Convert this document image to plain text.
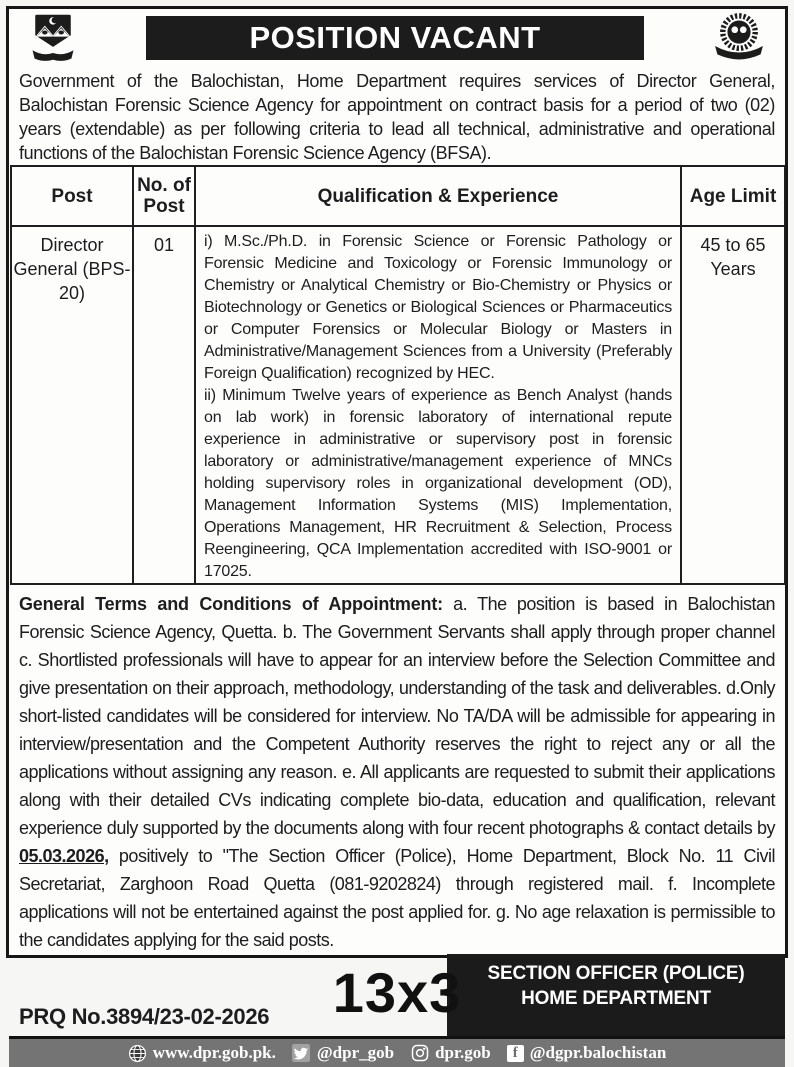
POSITION VACANT
Government of the Balochistan, Home Department requires services of Director General, Balochistan Forensic Science Agency for appointment on contract basis for a period of two (02) years (extendable) as per following criteria to lead all technical, administrative and operational functions of the Balochistan Forensic Science Agency (BFSA).
Post	No. of Post	Qualification & Experience	Age Limit
Director General (BPS-20)	01	i) M.Sc./Ph.D. in Forensic Science or Forensic Pathology or Forensic Medicine and Toxicology or Forensic Immunology or Chemistry or Analytical Chemistry or Bio-Chemistry or Physics or Biotechnology or Genetics or Biological Sciences or Pharmaceutics or Computer Forensics or Molecular Biology or Masters in Administrative/Management Sciences from a University (Preferably Foreign Qualification) recognized by HEC.
ii) Minimum Twelve years of experience as Bench Analyst (hands on lab work) in forensic laboratory of international repute experience in administrative or supervisory post in forensic laboratory or administrative/management experience of MNCs holding supervisory roles in organizational development (OD), Management Information Systems (MIS) Implementation, Operations Management, HR Recruitment & Selection, Process Reengineering, QCA Implementation accredited with ISO-9001 or 17025.	45 to 65 Years
General Terms and Conditions of Appointment: a. The position is based in Balochistan Forensic Science Agency, Quetta. b. The Government Servants shall apply through proper channel c. Shortlisted professionals will have to appear for an interview before the Selection Committee and give presentation on their approach, methodology, understanding of the task and deliverables. d.Only short-listed candidates will be considered for interview. No TA/DA will be admissible for appearing in interview/presentation and the Competent Authority reserves the right to reject any or all the applications without assigning any reason. e. All applicants are requested to submit their applications along with their detailed CVs indicating complete bio-data, education and qualification, relevant experience duly supported by the documents along with four recent photographs & contact details by 05.03.2026, positively to "The Section Officer (Police), Home Department, Block No. 11 Civil Secretariat, Zarghoon Road Quetta (081-9202824) through registered mail. f. Incomplete applications will not be entertained against the post applied for. g. No age relaxation is permissible to the candidates applying for the said posts.
PRQ No.3894/23-02-2026
SECTION OFFICER (POLICE)
HOME DEPARTMENT
www.dpr.gob.pk. @dpr_gob dpr.gob	f @dgpr.balochistan
13x3
